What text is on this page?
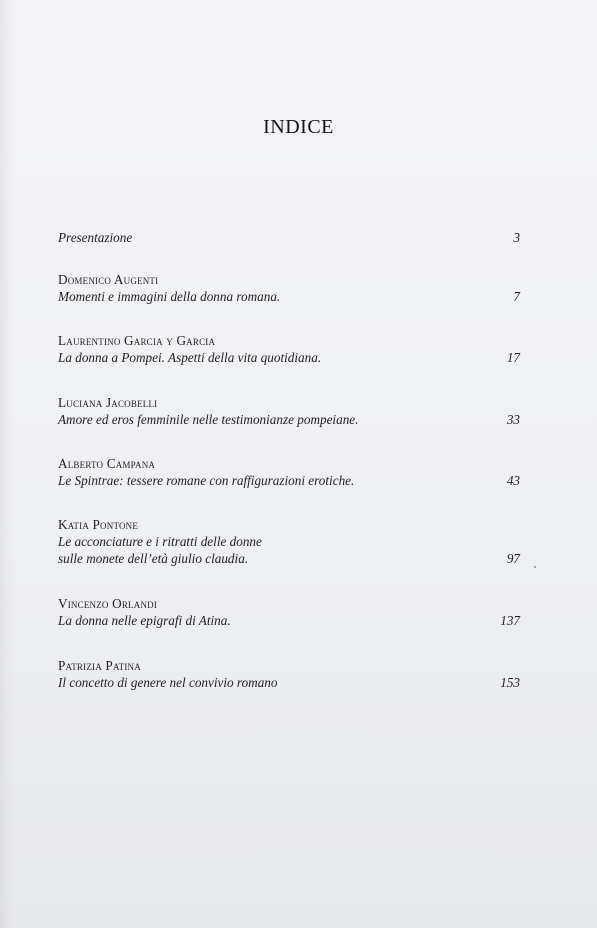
INDICE
Presentazione	3
Domenico Augenti
Momenti e immagini della donna romana.	7
Laurentino Garcia y Garcia
La donna a Pompei. Aspetti della vita quotidiana.	17
Luciana Jacobelli
Amore ed eros femminile nelle testimonianze pompeiane.	33
Alberto Campana
Le Spintrae: tessere romane con raffigurazioni erotiche.	43
Katia Pontone
Le acconciature e i ritratti delle donne
sulle monete dell’età giulio claudia.	97
Vincenzo Orlandi
La donna nelle epigrafi di Atina.	137
Patrizia Patina
Il concetto di genere nel convivio romano	153
